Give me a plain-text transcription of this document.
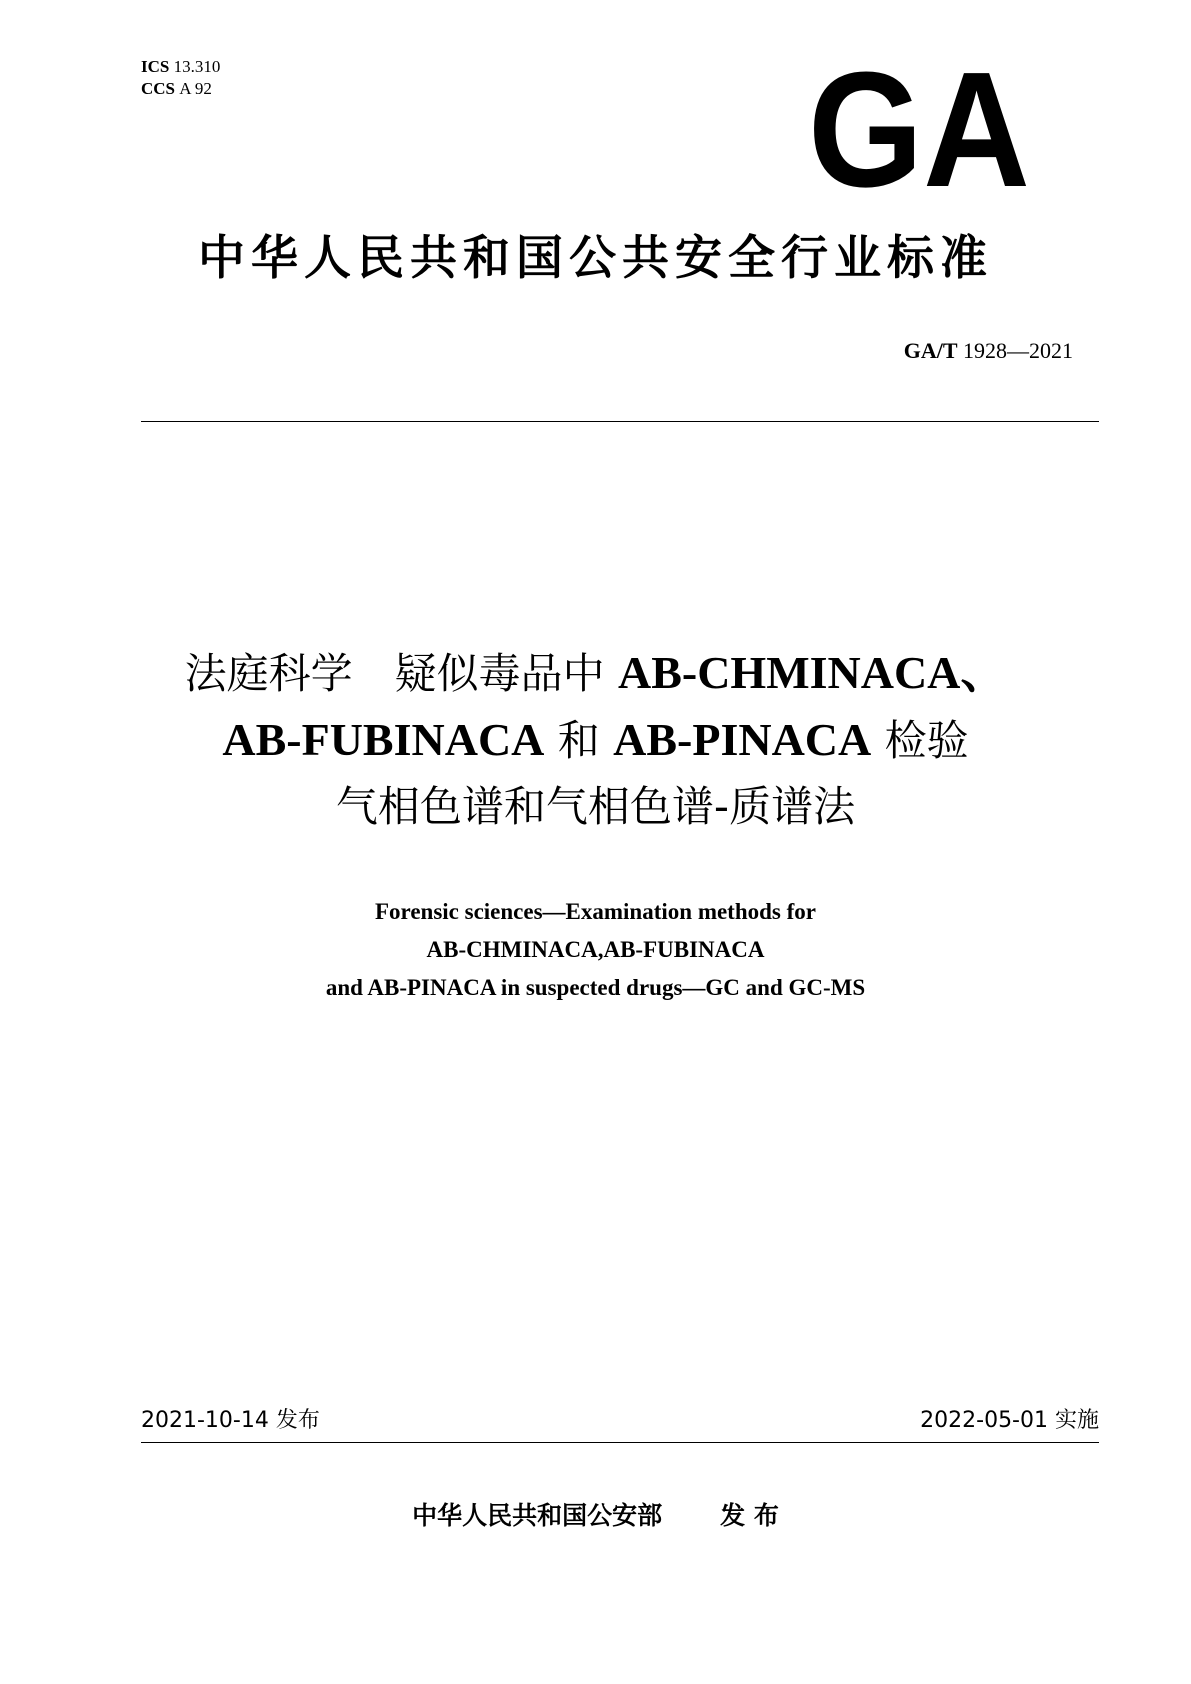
ICS 13.310
CCS A 92	GA
中华人民共和国公共安全行业标准
GA/T 1928—2021
法庭科学　疑似毒品中 AB-CHMINACA、
AB-FUBINACA 和 AB-PINACA 检验
气相色谱和气相色谱-质谱法
Forensic sciences—Examination methods for
AB-CHMINACA,AB-FUBINACA
and AB-PINACA in suspected drugs—GC and GC-MS
2021-10-14 发布	2022-05-01 实施
中华人民共和国公安部 发 布
